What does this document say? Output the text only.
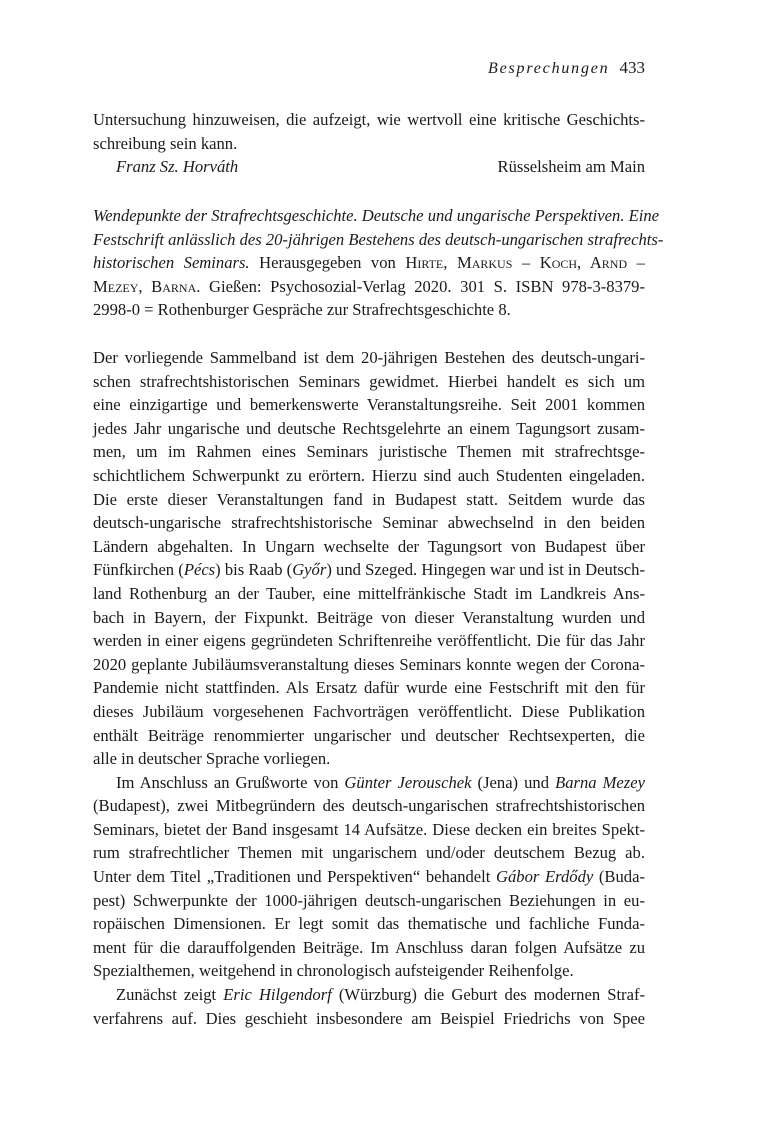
Besprechungen 433
Untersuchung hinzuweisen, die aufzeigt, wie wertvoll eine kritische Geschichts-
schreibung sein kann.
Franz Sz. Horváth	Rüsselsheim am Main
Wendepunkte der Strafrechtsgeschichte. Deutsche und ungarische Perspektiven. Eine
Festschrift anlässlich des 20-jährigen Bestehens des deutsch-ungarischen strafrechts-
historischen Seminars. Herausgegeben von Hirte, Markus – Koch, Arnd –
Mezey, Barna. Gießen: Psychosozial-Verlag 2020. 301 S. ISBN 978-3-8379-
2998-0 = Rothenburger Gespräche zur Strafrechtsgeschichte 8.
Der vorliegende Sammelband ist dem 20-jährigen Bestehen des deutsch-ungari-
schen strafrechtshistorischen Seminars gewidmet. Hierbei handelt es sich um
eine einzigartige und bemerkenswerte Veranstaltungsreihe. Seit 2001 kommen
jedes Jahr ungarische und deutsche Rechtsgelehrte an einem Tagungsort zusam-
men, um im Rahmen eines Seminars juristische Themen mit strafrechtsge-
schichtlichem Schwerpunkt zu erörtern. Hierzu sind auch Studenten eingeladen.
Die erste dieser Veranstaltungen fand in Budapest statt. Seitdem wurde das
deutsch-ungarische strafrechtshistorische Seminar abwechselnd in den beiden
Ländern abgehalten. In Ungarn wechselte der Tagungsort von Budapest über
Fünfkirchen (Pécs) bis Raab (Győr) und Szeged. Hingegen war und ist in Deutsch-
land Rothenburg an der Tauber, eine mittelfränkische Stadt im Landkreis Ans-
bach in Bayern, der Fixpunkt. Beiträge von dieser Veranstaltung wurden und
werden in einer eigens gegründeten Schriftenreihe veröffentlicht. Die für das Jahr
2020 geplante Jubiläumsveranstaltung dieses Seminars konnte wegen der Corona-
Pandemie nicht stattfinden. Als Ersatz dafür wurde eine Festschrift mit den für
dieses Jubiläum vorgesehenen Fachvorträgen veröffentlicht. Diese Publikation
enthält Beiträge renommierter ungarischer und deutscher Rechtsexperten, die
alle in deutscher Sprache vorliegen.
Im Anschluss an Grußworte von Günter Jerouschek (Jena) und Barna Mezey
(Budapest), zwei Mitbegründern des deutsch-ungarischen strafrechtshistorischen
Seminars, bietet der Band insgesamt 14 Aufsätze. Diese decken ein breites Spekt-
rum strafrechtlicher Themen mit ungarischem und/oder deutschem Bezug ab.
Unter dem Titel „Traditionen und Perspektiven“ behandelt Gábor Erdődy (Buda-
pest) Schwerpunkte der 1000-jährigen deutsch-ungarischen Beziehungen in eu-
ropäischen Dimensionen. Er legt somit das thematische und fachliche Funda-
ment für die darauffolgenden Beiträge. Im Anschluss daran folgen Aufsätze zu
Spezialthemen, weitgehend in chronologisch aufsteigender Reihenfolge.
Zunächst zeigt Eric Hilgendorf (Würzburg) die Geburt des modernen Straf-
verfahrens auf. Dies geschieht insbesondere am Beispiel Friedrichs von Spee
